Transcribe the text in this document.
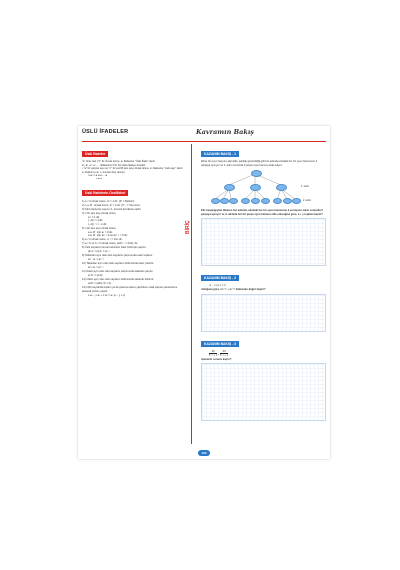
ÜSLÜ İFADELER	Kavramın Bakış
BİRİÇ
Üslü İfadeler
"a" birer reel ("n" ile olmak üzere, aⁿ ifadesine "Üslü İfade" denir.
a¹, a², a³, a⁴, ... ifadelerinin her biri üslü ifadeye örnektir.
• "a" bir gerçek sayı ve "n" bir pozitif tam sayı olmak üzere, aⁿ ifadesine "üslü sayı" denir. aⁿ ifadesi a nın n. kuvveti diye okunur.
n·aⁿ = a·a·a·...·a
n tane
Üslü İfadelerin Özellikleri
1) a ≠ 0 olmak üzere, a⁰ = 1 dir. (0⁰ = Belirsiz)
2) n ∈ R⁺ olmak üzere, 0ⁿ = 0 dır. (0⁻ⁿ = Tanımsız)
3) Sıfırı bariş her sayının 1. kuvveti kendisine eşittir.
4) n bir tam sayı olmak üzere,
a ⁰ = 1 dir.
(−1)²ⁿ = 1 dir.
(−1)²ⁿ⁺¹ = −1 dir.
5) n bir tam sayı olmak üzere,
a ∈ R⁻ için aⁿ > 0 dır.
a ∈ R⁻ için a²ⁿ > 0 ve a²ⁿ⁺¹ < 0 dır.
6) a ≠ 0 olmak üzere, a⁻ⁿ = 1/aⁿ dir.
7) a ≠ 0 ve b ≠ 0 olmak üzere, (a/b)⁻ⁿ = (b/a)ⁿ dir.
8) Üslü sayıların kuvveti alınırken üsler birbiriyle çarpılır.
(aᵐ)ⁿ = (aⁿ)ᵐ = aᵐ·ⁿ
9) Tabanları aynı olan üslü sayıların çarpımında üsler toplanır.
aᵐ · aⁿ = aᵐ⁺ⁿ
10) Tabanları aynı olan üslü sayıların bölümünde üsler çıkarılır.
aᵐ / aⁿ = aᵐ⁻ⁿ
11) Üsleri aynı olan üslü sayıların çarpımında tabanlar çarpılır.
aⁿ·bⁿ = (a·b)ⁿ
12) Üsleri aynı olan üslü sayıların bölümünde tabanlar bölünür.
aⁿ/bⁿ = (a/b)ⁿ (b ≠ 0)
13) Üslü sayılarda toplam ya da çıkarma işlemi yapılırken ortak çarpan parantezine alınarak çözüm yapılır.
x·aⁿ − y·aⁿ + z·aⁿ = aⁿ·(x − y + z)
KAZANIM BAKIŞ - 1
Ebrar bir oyun hamuru alan Elis, şekilde gösterildiği gibi her adımda elindeki her bir oyun hamurunu 3 parçaya ayırıyor ve 2. adım sonunda 9 parça oyun hamuru elde ediyor.
1. adım
2. adım
Elis başlangıçtan itibaren her adımda, elindeki her bir oyun hamurunu 3 ve kaçıncı adım sonunda 5 parçaya ayırıyor ve 3. adımda her bir parça oyun hamuru elde edeceğine göre, a + y toplamı kaçtır?
KAZANIM BAKIŞ - 2
m − n ve n = 3
olduğuna göre, mⁿ⁻ᵐ + nⁿ⁻ᵐ ifadesinin değeri kaçtır?
KAZANIM BAKIŞ - 3
$\frac{20}{\text{5⁻¹ + 1}} + \frac{20}{\text{5⁻¹ + 1}}$
işleminin sonucu kaçtır?
102
